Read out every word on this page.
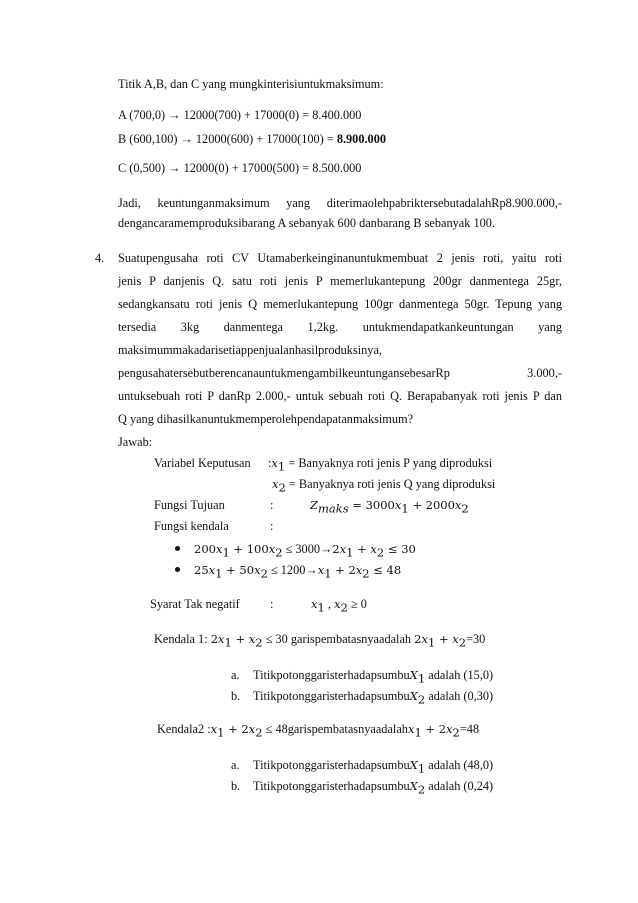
Titik A,B, dan C yang mungkinterisiuntukmaksimum:
A (700,0) → 12000(700) + 17000(0) = 8.400.000
B (600,100) → 12000(600) + 17000(100) = 8.900.000
C (0,500) → 12000(0) + 17000(500) = 8.500.000
Jadi, keuntunganmaksimum yang diterimaolehpabriktersebutadalahRp8.900.000,-
dengancaramemproduksibarang A sebanyak 600 danbarang B sebanyak 100.
4. Suatupengusaha roti CV Utamaberkeinginanuntukmembuat 2 jenis roti, yaitu roti
jenis P danjenis Q. satu roti jenis P memerlukantepung 200gr danmentega 25gr,
sedangkansatu roti jenis Q memerlukantepung 100gr danmentega 50gr. Tepung yang
tersedia 3kg danmentega 1,2kg. untukmendapatkankeuntungan yang
maksimummakadarisetiappenjualanhasilproduksinya,
pengusahatersebutberencanauntukmengambilkeuntungansebesarRp 3.000,-
untuksebuah roti P danRp 2.000,- untuk sebuah roti Q. Berapabanyak roti jenis P dan
Q yang dihasilkanuntukmemperolehpendapatanmaksimum?
Jawab:
Variabel Keputusan $:x_1$ = Banyaknya roti jenis P yang diproduksi
$x_2$ = Banyaknya roti jenis Q yang diproduksi
Fungsi Tujuan	:	$Z_{maks} = 3000x_1 + 2000x_2$
Fungsi kendala	:
$200x_1 + 100x_2 \le 3000\to 2x_1 + x_2 \le 30$
$25x_1 + 50x_2 \le 1200\to x_1 + 2x_2 \le 48$
Syarat Tak negatif :	$x_1$ , $x_2 \ge 0$
Kendala 1: $2x_1 + x_2 \le 30$ garispembatasnyaadalah $2x_1 + x_2=30$
a. TitikpotonggaristerhadapsumbuX$_1$ adalah (15,0)
b. TitikpotonggaristerhadapsumbuX$_2$ adalah (0,30)
Kendala2 $:x_1 + 2x_2$ ≤ 48garispembatasnyaadalahx$_1$ + $2x_2=48$
a. TitikpotonggaristerhadapsumbuX$_1$ adalah (48,0)
b. TitikpotonggaristerhadapsumbuX$_2$ adalah (0,24)
